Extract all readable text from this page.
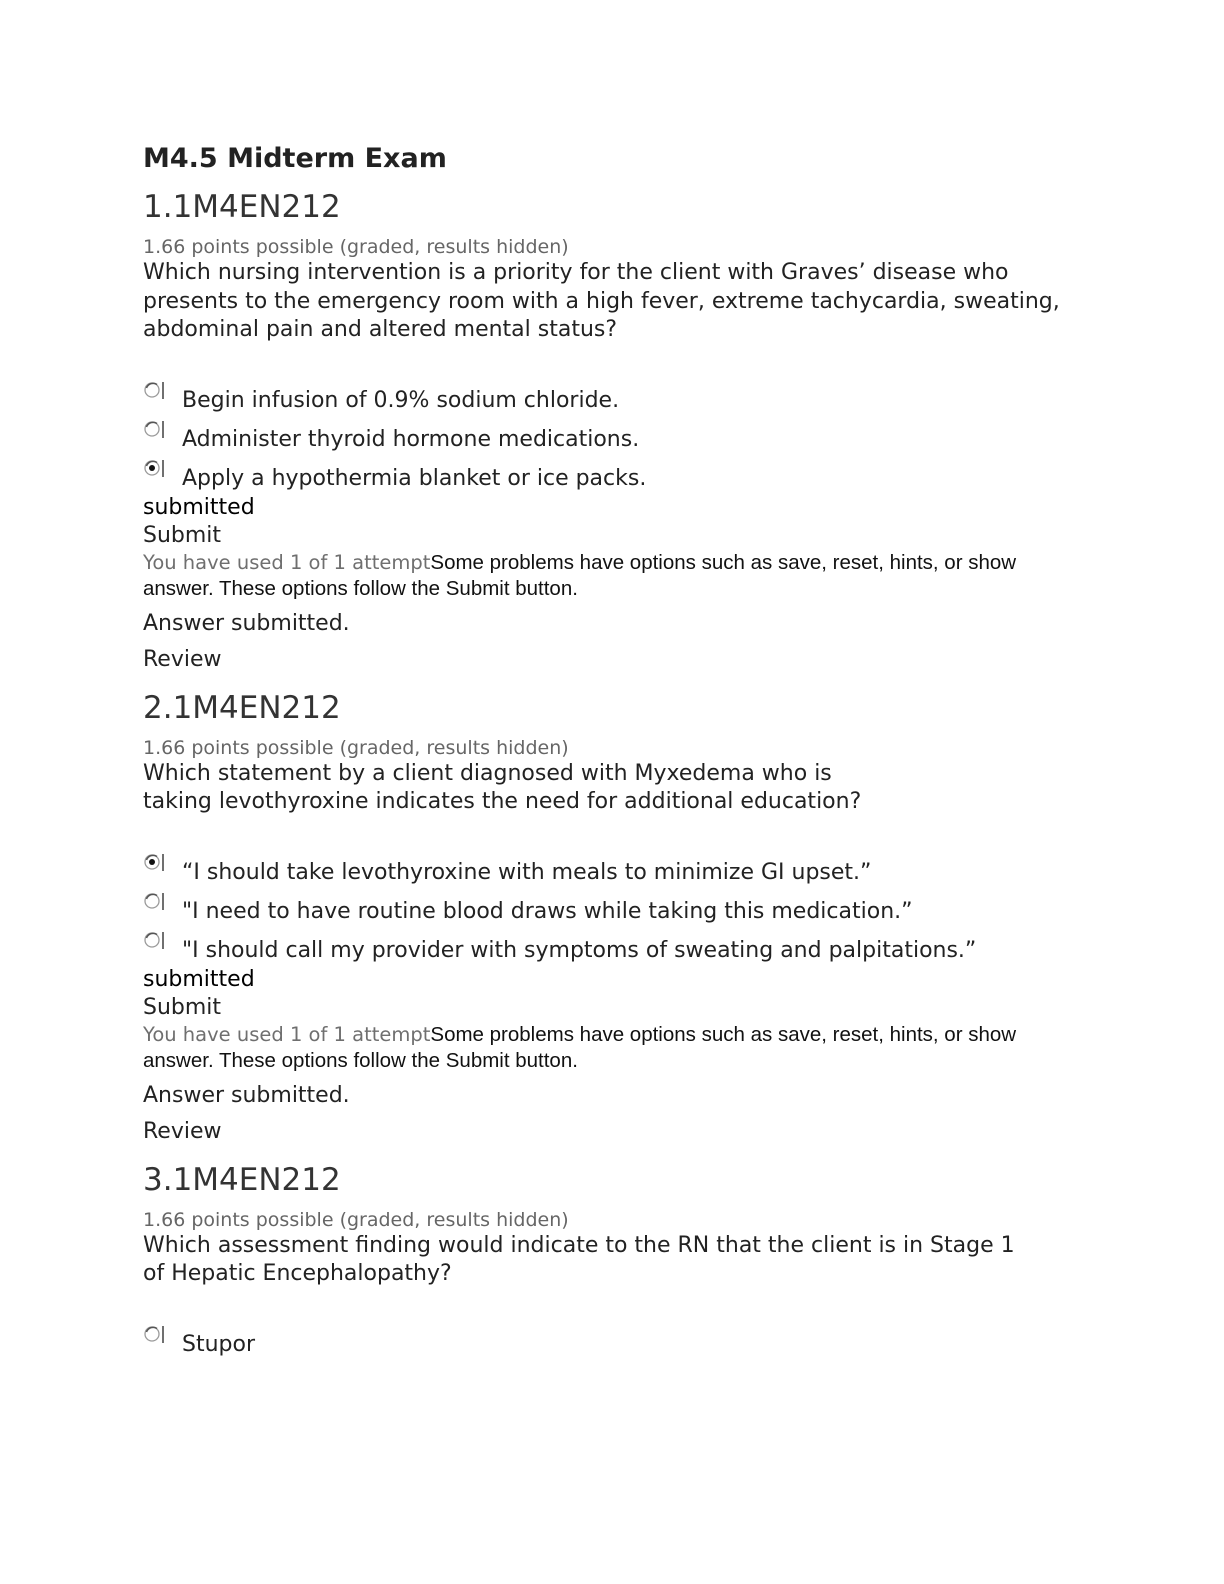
M4.5 Midterm Exam
1.1M4EN212
1.66 points possible (graded, results hidden)

Which nursing intervention is a priority for the client with Graves’ disease who presents to the emergency room with a high fever, extreme tachycardia, sweating, abdominal pain and altered mental status?

Begin infusion of 0.9% sodium chloride.
Administer thyroid hormone medications.
Apply a hypothermia blanket or ice packs.
submitted
Submit
You have used 1 of 1 attemptSome problems have options such as save, reset, hints, or show answer. These options follow the Submit button.
Answer submitted.
Review
2.1M4EN212
1.66 points possible (graded, results hidden)

Which statement by a client diagnosed with Myxedema who is

taking levothyroxine indicates the need for additional education?

“I should take levothyroxine with meals to minimize GI upset.”
"I need to have routine blood draws while taking this medication.”
"I should call my provider with symptoms of sweating and palpitations.”
submitted
Submit
You have used 1 of 1 attemptSome problems have options such as save, reset, hints, or show answer. These options follow the Submit button.
Answer submitted.
Review
3.1M4EN212
1.66 points possible (graded, results hidden)

Which assessment finding would indicate to the RN that the client is in Stage 1

of Hepatic Encephalopathy?

Stupor
